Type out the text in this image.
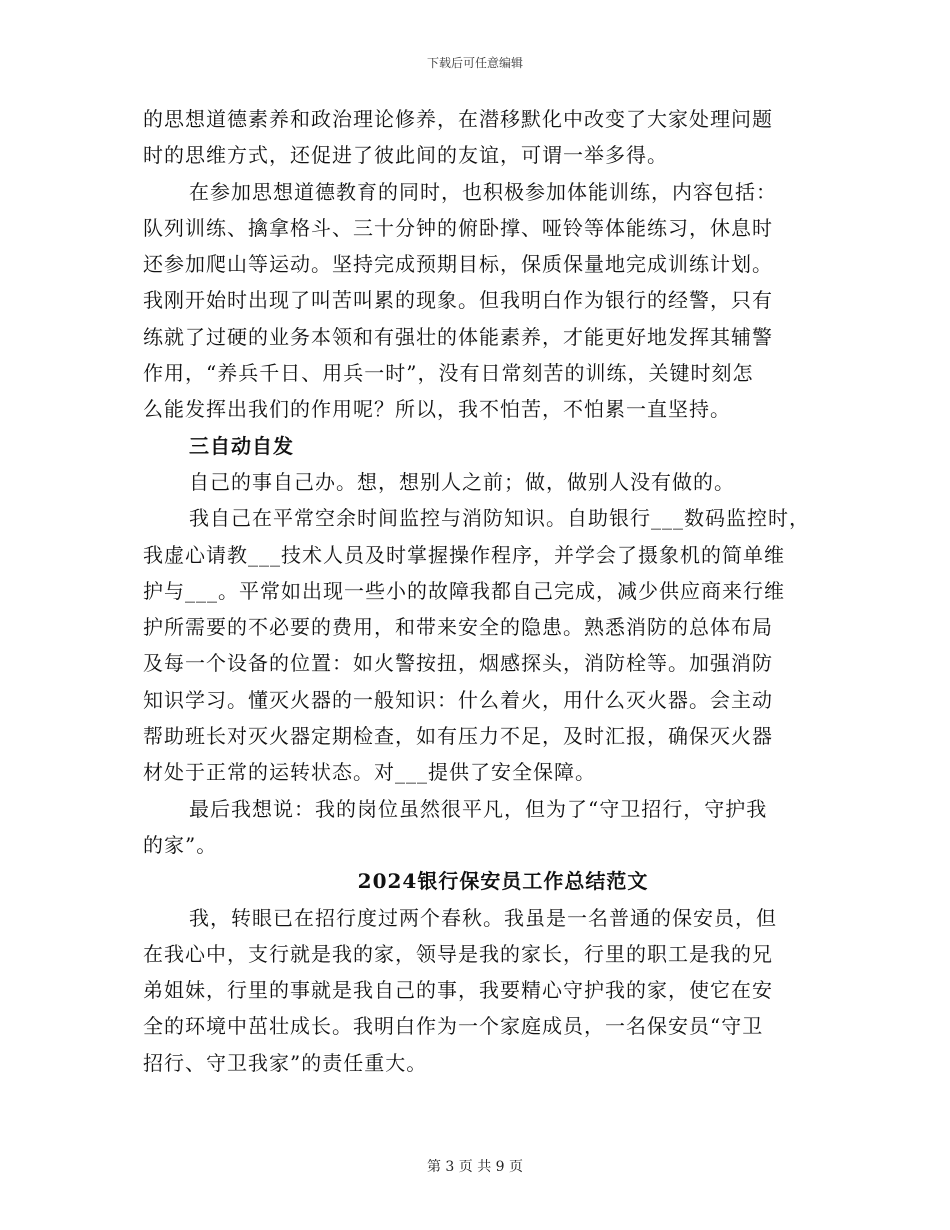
下载后可任意编辑
的思想道德素养和政治理论修养，在潜移默化中改变了大家处理问题
时的思维方式，还促进了彼此间的友谊，可谓一举多得。
在参加思想道德教育的同时，也积极参加体能训练，内容包括：
队列训练、擒拿格斗、三十分钟的俯卧撑、哑铃等体能练习，休息时
还参加爬山等运动。坚持完成预期目标，保质保量地完成训练计划。
我刚开始时出现了叫苦叫累的现象。但我明白作为银行的经警，只有
练就了过硬的业务本领和有强壮的体能素养，才能更好地发挥其辅警
作用，“养兵千日、用兵一时”，没有日常刻苦的训练，关键时刻怎
么能发挥出我们的作用呢？所以，我不怕苦，不怕累一直坚持。
三自动自发
自己的事自己办。想，想别人之前；做，做别人没有做的。
我自己在平常空余时间监控与消防知识。自助银行___数码监控时，
我虚心请教___技术人员及时掌握操作程序，并学会了摄象机的简单维
护与___。平常如出现一些小的故障我都自己完成，减少供应商来行维
护所需要的不必要的费用，和带来安全的隐患。熟悉消防的总体布局
及每一个设备的位置：如火警按扭，烟感探头，消防栓等。加强消防
知识学习。懂灭火器的一般知识：什么着火，用什么灭火器。会主动
帮助班长对灭火器定期检查，如有压力不足，及时汇报，确保灭火器
材处于正常的运转状态。对___提供了安全保障。
最后我想说：我的岗位虽然很平凡，但为了“守卫招行，守护我
的家”。
2024银行保安员工作总结范文
我，转眼已在招行度过两个春秋。我虽是一名普通的保安员，但
在我心中，支行就是我的家，领导是我的家长，行里的职工是我的兄
弟姐妹，行里的事就是我自己的事，我要精心守护我的家，使它在安
全的环境中茁壮成长。我明白作为一个家庭成员，一名保安员“守卫
招行、守卫我家”的责任重大。
第 3 页 共 9 页
